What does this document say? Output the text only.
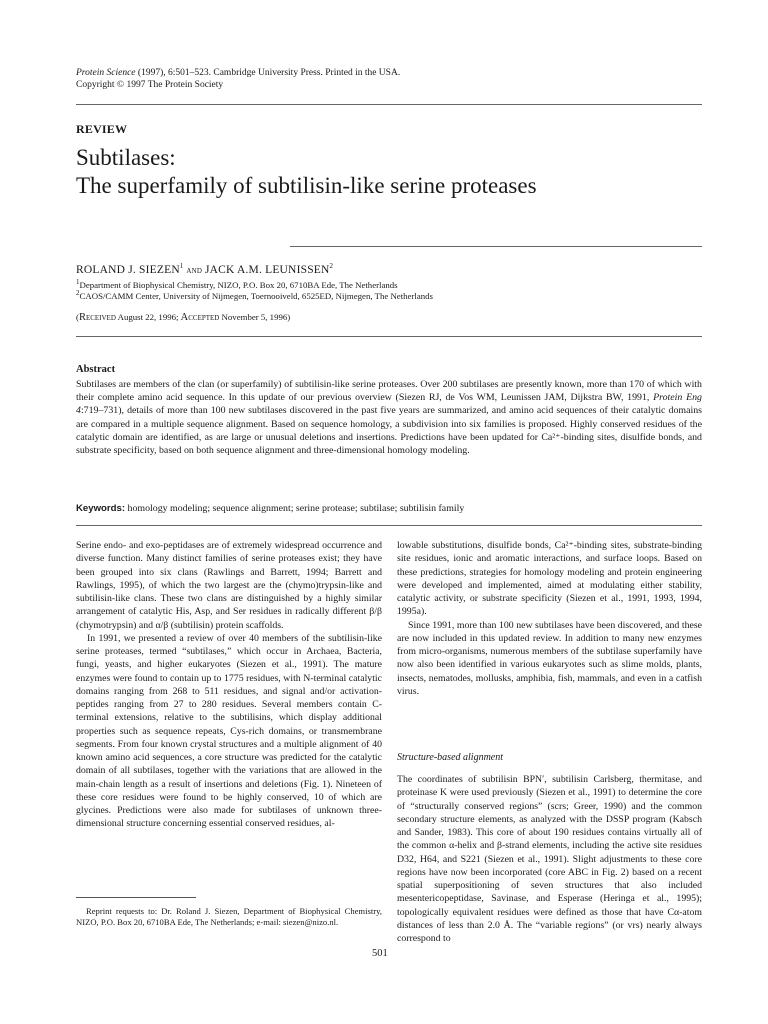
Protein Science (1997), 6:501–523. Cambridge University Press. Printed in the USA.
Copyright © 1997 The Protein Society
REVIEW
Subtilases:
The superfamily of subtilisin-like serine proteases
ROLAND J. SIEZEN$^1$ and JACK A.M. LEUNISSEN$^2$
$^1$Department of Biophysical Chemistry, NIZO, P.O. Box 20, 6710BA Ede, The Netherlands
$^2$CAOS/CAMM Center, University of Nijmegen, Toernooiveld, 6525ED, Nijmegen, The Netherlands
(Received August 22, 1996; Accepted November 5, 1996)
Abstract
Subtilases are members of the clan (or superfamily) of subtilisin-like serine proteases. Over 200 subtilases are presently known, more than 170 of which with their complete amino acid sequence. In this update of our previous overview (Siezen RJ, de Vos WM, Leunissen JAM, Dijkstra BW, 1991, Protein Eng 4:719–731), details of more than 100 new subtilases discovered in the past five years are summarized, and amino acid sequences of their catalytic domains are compared in a multiple sequence alignment. Based on sequence homology, a subdivision into six families is proposed. Highly conserved residues of the catalytic domain are identified, as are large or unusual deletions and insertions. Predictions have been updated for Ca²⁺-binding sites, disulfide bonds, and substrate specificity, based on both sequence alignment and three-dimensional homology modeling.
Keywords: homology modeling; sequence alignment; serine protease; subtilase; subtilisin family

Serine endo- and exo-peptidases are of extremely widespread occurrence and diverse function. Many distinct families of serine proteases exist; they have been grouped into six clans (Rawlings and Barrett, 1994; Barrett and Rawlings, 1995), of which the two largest are the (chymo)trypsin-like and subtilisin-like clans. These two clans are distinguished by a highly similar arrangement of catalytic His, Asp, and Ser residues in radically different β/β (chymotrypsin) and α/β (subtilisin) protein scaffolds.

In 1991, we presented a review of over 40 members of the subtilisin-like serine proteases, termed “subtilases,” which occur in Archaea, Bacteria, fungi, yeasts, and higher eukaryotes (Siezen et al., 1991). The mature enzymes were found to contain up to 1775 residues, with N-terminal catalytic domains ranging from 268 to 511 residues, and signal and/or activation-peptides ranging from 27 to 280 residues. Several members contain C-terminal extensions, relative to the subtilisins, which display additional properties such as sequence repeats, Cys-rich domains, or transmembrane segments. From four known crystal structures and a multiple alignment of 40 known amino acid sequences, a core structure was predicted for the catalytic domain of all subtilases, together with the variations that are allowed in the main-chain length as a result of insertions and deletions (Fig. 1). Nineteen of these core residues were found to be highly conserved, 10 of which are glycines. Predictions were also made for subtilases of unknown three-dimensional structure concerning essential conserved residues, al-

lowable substitutions, disulfide bonds, Ca²⁺-binding sites, substrate-binding site residues, ionic and aromatic interactions, and surface loops. Based on these predictions, strategies for homology modeling and protein engineering were developed and implemented, aimed at modulating either stability, catalytic activity, or substrate specificity (Siezen et al., 1991, 1993, 1994, 1995a).

Since 1991, more than 100 new subtilases have been discovered, and these are now included in this updated review. In addition to many new enzymes from micro-organisms, numerous members of the subtilase superfamily have now also been identified in various eukaryotes such as slime molds, plants, insects, nematodes, mollusks, amphibia, fish, mammals, and even in a catfish virus.

Structure-based alignment

The coordinates of subtilisin BPN′, subtilisin Carlsberg, thermitase, and proteinase K were used previously (Siezen et al., 1991) to determine the core of “structurally conserved regions” (scrs; Greer, 1990) and the common secondary structure elements, as analyzed with the DSSP program (Kabsch and Sander, 1983). This core of about 190 residues contains virtually all of the common α-helix and β-strand elements, including the active site residues D32, H64, and S221 (Siezen et al., 1991). Slight adjustments to these core regions have now been incorporated (core ABC in Fig. 2) based on a recent spatial superpositioning of seven structures that also included mesentericopeptidase, Savinase, and Esperase (Heringa et al., 1995); topologically equivalent residues were defined as those that have Cα-atom distances of less than 2.0 Å. The “variable regions” (or vrs) nearly always correspond to

Reprint requests to: Dr. Roland J. Siezen, Department of Biophysical Chemistry, NIZO, P.O. Box 20, 6710BA Ede, The Netherlands; e-mail: siezen@nizo.nl.
501
